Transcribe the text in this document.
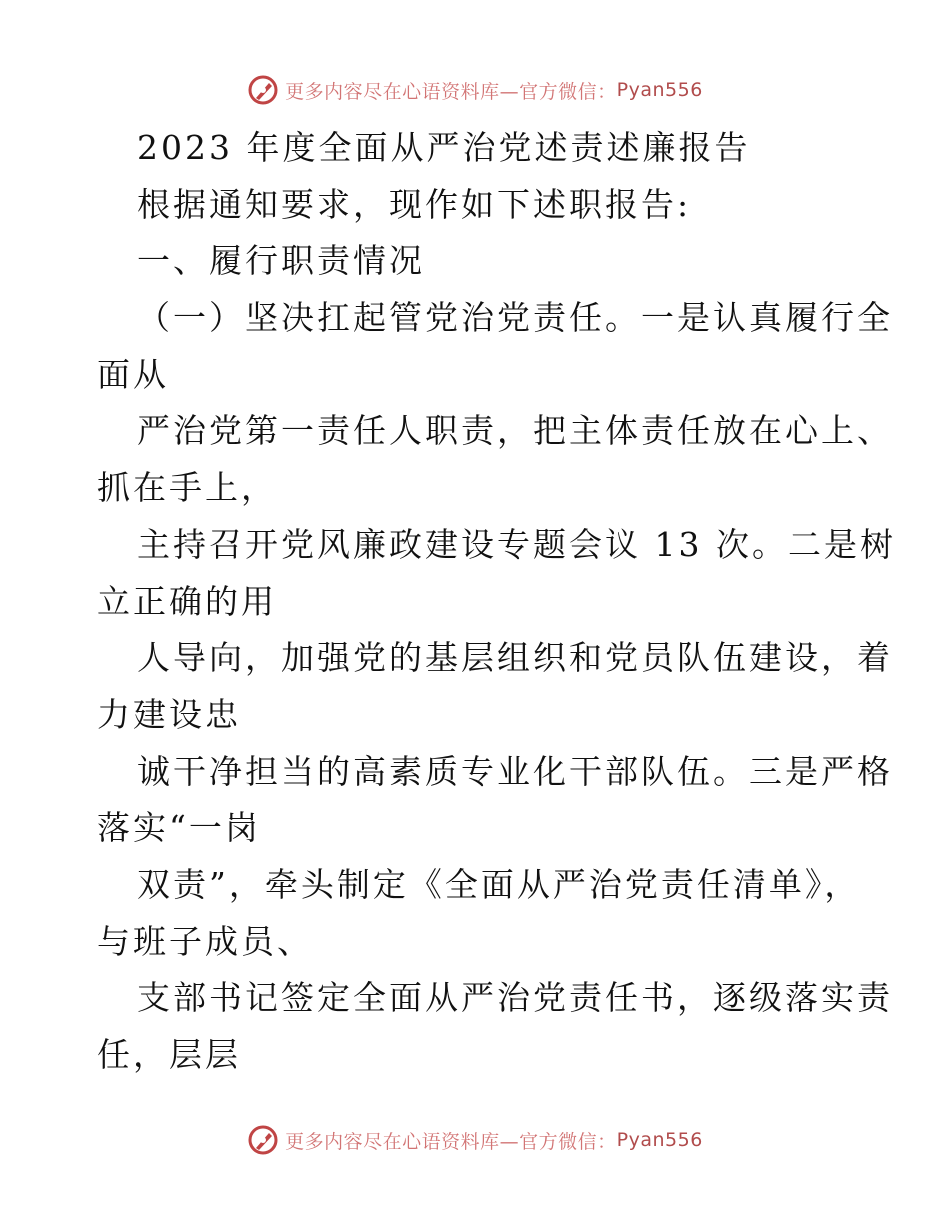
更多内容尽在心语资料库—官方微信： Pyan556
2023 年度全面从严治党述责述廉报告
根据通知要求，现作如下述职报告:
一、履行职责情况
（一）坚决扛起管党治党责任。一是认真履行全
面从
严治党第一责任人职责，把主体责任放在心上、
抓在手上，
主持召开党风廉政建设专题会议 13 次。二是树
立正确的用
人导向，加强党的基层组织和党员队伍建设，着
力建设忠
诚干净担当的高素质专业化干部队伍。三是严格
落实“一岗
双责”，牵头制定《全面从严治党责任清单》，
与班子成员、
支部书记签定全面从严治党责任书，逐级落实责
任，层层
更多内容尽在心语资料库—官方微信： Pyan556
